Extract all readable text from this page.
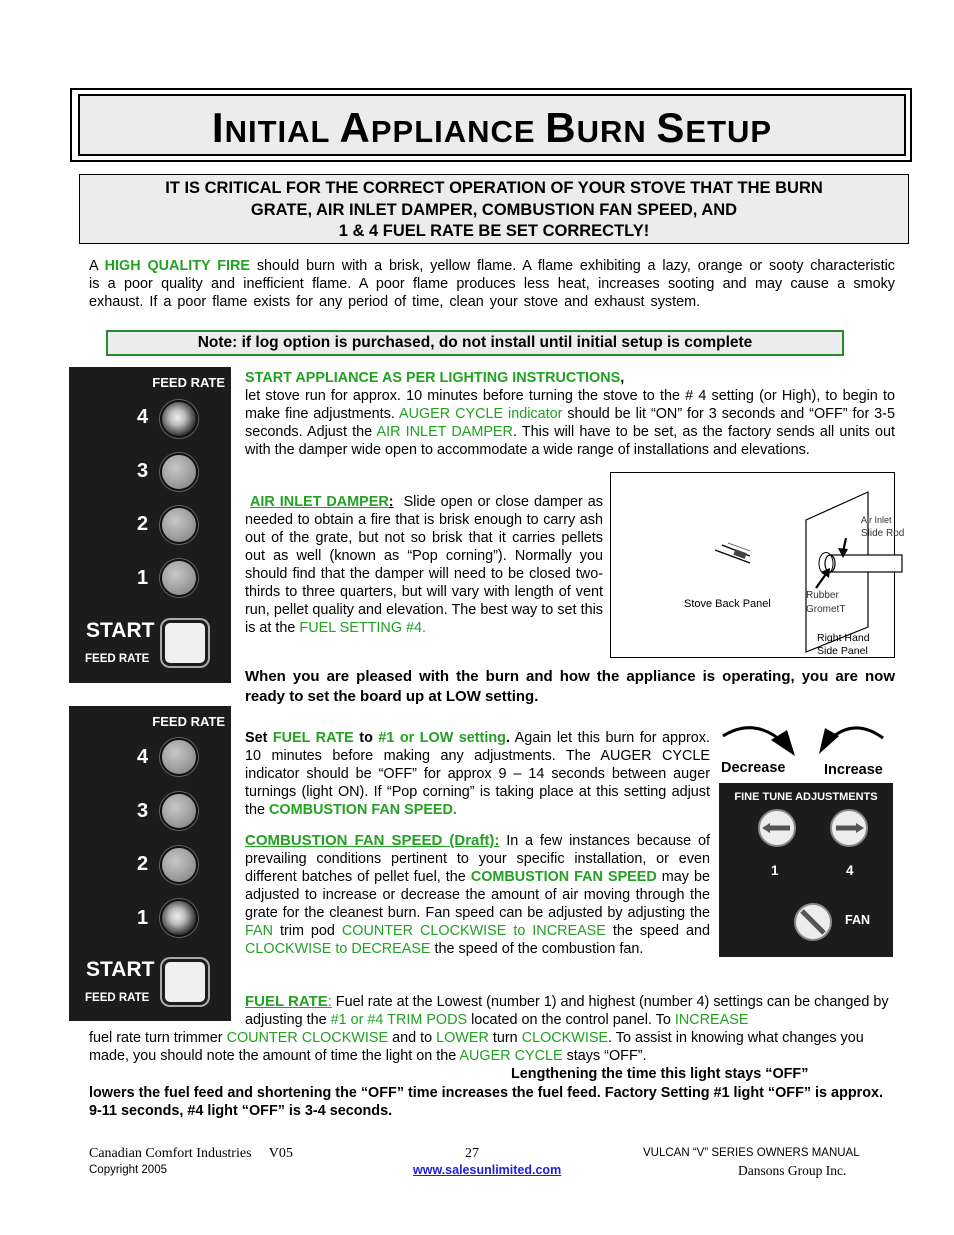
INITIAL APPLIANCE BURN SETUP
IT IS CRITICAL FOR THE CORRECT OPERATION OF YOUR STOVE THAT THE BURN
GRATE, AIR INLET DAMPER, COMBUSTION FAN SPEED, AND
1 & 4 FUEL RATE BE SET CORRECTLY!
A HIGH QUALITY FIRE should burn with a brisk, yellow flame. A flame exhibiting a lazy, orange or sooty characteristic is a poor quality and inefficient flame. A poor flame produces less heat, increases sooting and may cause a smoky exhaust. If a poor flame exists for any period of time, clean your stove and exhaust system.
Note: if log option is purchased, do not install until initial setup is complete
FEED RATE
4
3
2
1
START
FEED RATE
START APPLIANCE AS PER LIGHTING INSTRUCTIONS,
let stove run for approx. 10 minutes before turning the stove to the # 4 setting (or High), to begin to make fine adjustments. AUGER CYCLE indicator should be lit “ON” for 3 seconds and “OFF” for 3-5 seconds. Adjust the AIR INLET DAMPER. This will have to be set, as the factory sends all units out with the damper wide open to accommodate a wide range of installations and elevations.
AIR INLET DAMPER: Slide open or close damper as needed to obtain a fire that is brisk enough to carry ash out of the grate, but not so brisk that it carries pellets out as well (known as “Pop corning”). Normally you should find that the damper will need to be closed two-thirds to three quarters, but will vary with length of vent run, pellet quality and elevation. The best way to set this is at the FUEL SETTING #4.
Air Inlet
Slide Rod
Rubber
GrometT
Stove Back Panel
Right Hand
Side Panel
When you are pleased with the burn and how the appliance is operating, you are now ready to set the board up at LOW setting.
FEED RATE
4
3
2
1
START
FEED RATE
Set FUEL RATE to #1 or LOW setting. Again let this burn for approx. 10 minutes before making any adjustments. The AUGER CYCLE indicator should be “OFF” for approx 9 – 14 seconds between auger turnings (light ON). If “Pop corning” is taking place at this setting adjust the COMBUSTION FAN SPEED.
COMBUSTION FAN SPEED (Draft): In a few instances because of prevailing conditions pertinent to your specific installation, or even different batches of pellet fuel, the COMBUSTION FAN SPEED may be adjusted to increase or decrease the amount of air moving through the grate for the cleanest burn. Fan speed can be adjusted by adjusting the FAN trim pod COUNTER CLOCKWISE to INCREASE the speed and CLOCKWISE to DECREASE the speed of the combustion fan.
Decrease	Increase
FINE TUNE ADJUSTMENTS
1	4
FAN
FUEL RATE: Fuel rate at the Lowest (number 1) and highest (number 4) settings can be changed by adjusting the #1 or #4 TRIM PODS located on the control panel. To INCREASE
fuel rate turn trimmer COUNTER CLOCKWISE and to LOWER turn CLOCKWISE. To assist in knowing what changes you made, you should note the amount of time the light on the AUGER CYCLE stays “OFF”.
Lengthening the time this light stays “OFF”
lowers the fuel feed and shortening the “OFF” time increases the fuel feed. Factory Setting #1 light “OFF” is approx. 9-11 seconds, #4 light “OFF” is 3-4 seconds.
Canadian Comfort Industries     V05
Copyright 2005
27
www.salesunlimited.com
VULCAN “V” SERIES OWNERS MANUAL
Dansons Group Inc.
